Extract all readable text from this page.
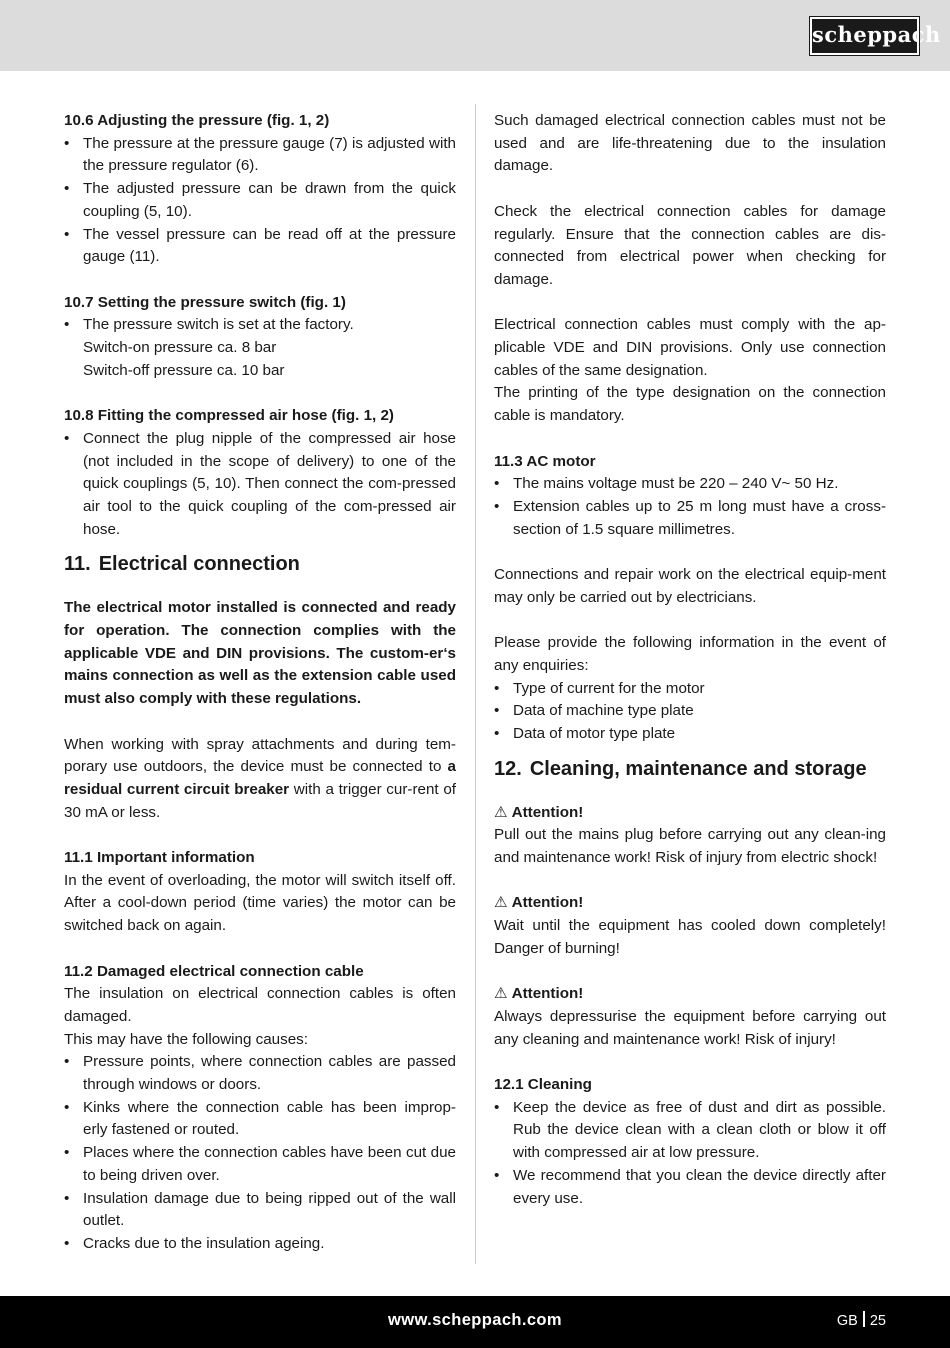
scheppach

10.6 Adjusting the pressure (fig. 1, 2)

• The pressure at the pressure gauge (7) is adjusted with the pressure regulator (6).
• The adjusted pressure can be drawn from the quick coupling (5, 10).
• The vessel pressure can be read off at the pressure gauge (11).

10.7 Setting the pressure switch (fig. 1)

• The pressure switch is set at the factory.
Switch-on pressure ca. 8 bar
Switch-off pressure ca. 10 bar

10.8 Fitting the compressed air hose (fig. 1, 2)

• Connect the plug nipple of the compressed air hose (not included in the scope of delivery) to one of the quick couplings (5, 10). Then connect the com-pressed air tool to the quick coupling of the com-pressed air hose.
11. Electrical connection

The electrical motor installed is connected and ready for operation. The connection complies with the applicable VDE and DIN provisions. The custom-er‘s mains connection as well as the extension cable used must also comply with these regulations.

When working with spray attachments and during tem-porary use outdoors, the device must be connected to a residual current circuit breaker with a trigger cur-rent of 30 mA or less.

11.1 Important information

In the event of overloading, the motor will switch itself off. After a cool-down period (time varies) the motor can be switched back on again.

11.2 Damaged electrical connection cable

The insulation on electrical connection cables is often damaged.

This may have the following causes:

• Pressure points, where connection cables are passed through windows or doors.
• Kinks where the connection cable has been improp-erly fastened or routed.
• Places where the connection cables have been cut due to being driven over.
• Insulation damage due to being ripped out of the wall outlet.
• Cracks due to the insulation ageing.

Such damaged electrical connection cables must not be used and are life-threatening due to the insulation damage.

Check the electrical connection cables for damage regularly. Ensure that the connection cables are dis-connected from electrical power when checking for damage.

Electrical connection cables must comply with the ap-plicable VDE and DIN provisions. Only use connection cables of the same designation.

The printing of the type designation on the connection cable is mandatory.

11.3 AC motor

• The mains voltage must be 220 – 240 V~ 50 Hz.
• Extension cables up to 25 m long must have a cross-section of 1.5 square millimetres.

Connections and repair work on the electrical equip-ment may only be carried out by electricians.

Please provide the following information in the event of any enquiries:

• Type of current for the motor
• Data of machine type plate
• Data of motor type plate
12. Cleaning, maintenance and storage

⚠ Attention!

Pull out the mains plug before carrying out any clean-ing and maintenance work! Risk of injury from electric shock!

⚠ Attention!

Wait until the equipment has cooled down completely! Danger of burning!

⚠ Attention!

Always depressurise the equipment before carrying out any cleaning and maintenance work! Risk of injury!

12.1 Cleaning

• Keep the device as free of dust and dirt as possible. Rub the device clean with a clean cloth or blow it off with compressed air at low pressure.
• We recommend that you clean the device directly after every use.
www.scheppach.com	GB 25
